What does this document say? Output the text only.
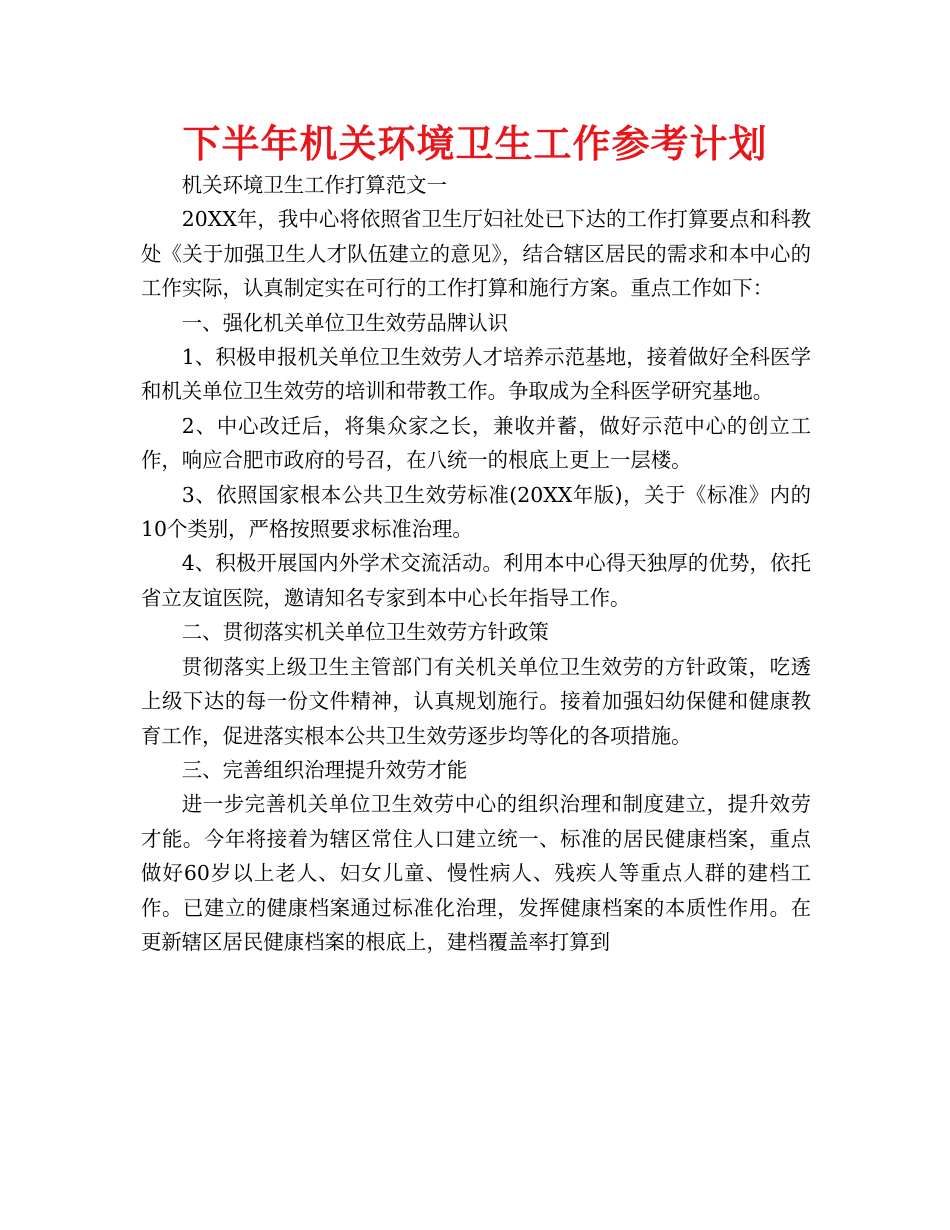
下半年机关环境卫生工作参考计划

机关环境卫生工作打算范文一

20XX年，我中心将依照省卫生厅妇社处已下达的工作打算要点和科教处《关于加强卫生人才队伍建立的意见》，结合辖区居民的需求和本中心的工作实际，认真制定实在可行的工作打算和施行方案。重点工作如下：

一、强化机关单位卫生效劳品牌认识

1、积极申报机关单位卫生效劳人才培养示范基地，接着做好全科医学和机关单位卫生效劳的培训和带教工作。争取成为全科医学研究基地。

2、中心改迁后，将集众家之长，兼收并蓄，做好示范中心的创立工作，响应合肥市政府的号召，在八统一的根底上更上一层楼。

3、依照国家根本公共卫生效劳标准(20XX年版)，关于《标准》内的10个类别，严格按照要求标准治理。

4、积极开展国内外学术交流活动。利用本中心得天独厚的优势，依托省立友谊医院，邀请知名专家到本中心长年指导工作。

二、贯彻落实机关单位卫生效劳方针政策

贯彻落实上级卫生主管部门有关机关单位卫生效劳的方针政策，吃透上级下达的每一份文件精神，认真规划施行。接着加强妇幼保健和健康教育工作，促进落实根本公共卫生效劳逐步均等化的各项措施。

三、完善组织治理提升效劳才能

进一步完善机关单位卫生效劳中心的组织治理和制度建立，提升效劳才能。今年将接着为辖区常住人口建立统一、标准的居民健康档案，重点做好60岁以上老人、妇女儿童、慢性病人、残疾人等重点人群的建档工作。已建立的健康档案通过标准化治理，发挥健康档案的本质性作用。在更新辖区居民健康档案的根底上，建档覆盖率打算到
